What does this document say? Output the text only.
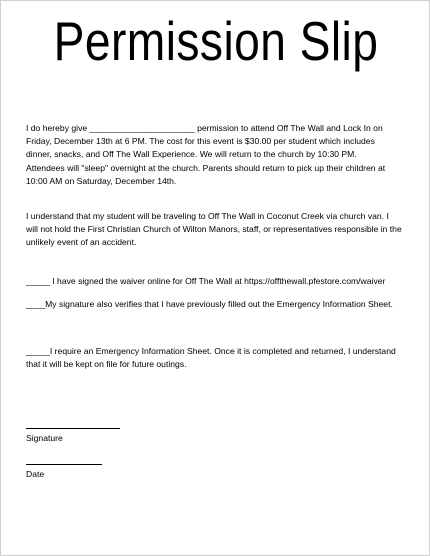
Permission Slip

I do hereby give ______________________ permission to attend Off The Wall and Lock In on
Friday, December 13th at 6 PM. The cost for this event is $30.00 per student which includes
dinner, snacks, and Off The Wall Experience. We will return to the church by 10:30 PM.
Attendees will "sleep" overnight at the church. Parents should return to pick up their children at
10:00 AM on Saturday, December 14th.

I understand that my student will be traveling to Off The Wall in Coconut Creek via church van. I
will not hold the First Christian Church of Wilton Manors, staff, or representatives responsible in the
unlikely event of an accident.

_____ I have signed the waiver online for Off The Wall at https://offthewall.pfestore.com/waiver

____My signature also verifies that I have previously filled out the Emergency Information Sheet.

_____I require an Emergency Information Sheet. Once it is completed and returned, I understand
that it will be kept on file for future outings.

Signature
Date
